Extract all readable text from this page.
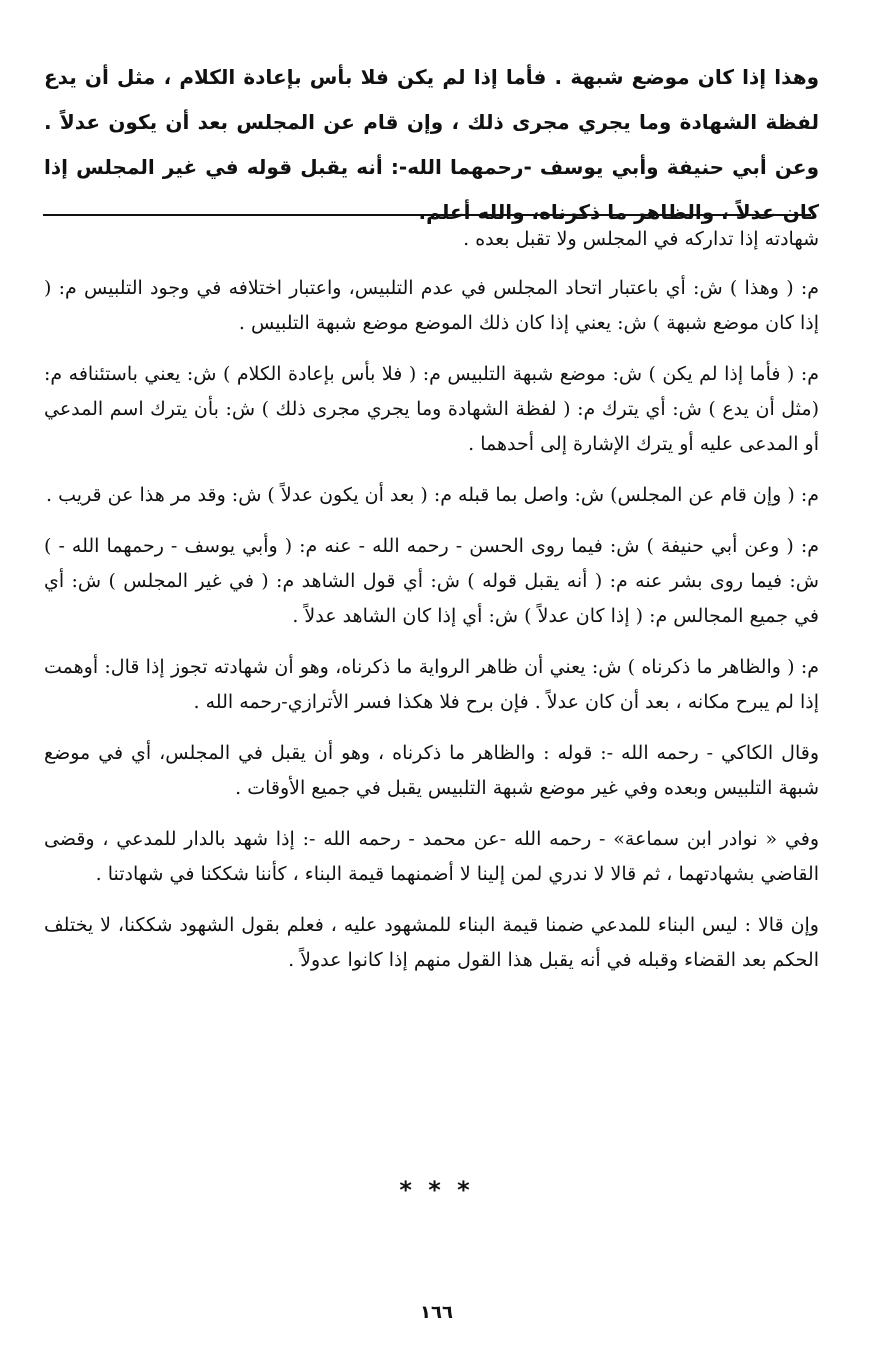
وهذا إذا كان موضع شبهة . فأما إذا لم يكن فلا بأس بإعادة الكلام ، مثل أن يدع لفظة الشهادة وما يجري مجرى ذلك ، وإن قام عن المجلس بعد أن يكون عدلاً . وعن أبي حنيفة وأبي يوسف -رحمهما الله-: أنه يقبل قوله في غير المجلس إذا كان عدلاً ، والظاهر ما ذكرناه، والله أعلم.

شهادته إذا تداركه في المجلس ولا تقبل بعده .

م: ( وهذا ) ش: أي باعتبار اتحاد المجلس في عدم التلبيس، واعتبار اختلافه في وجود التلبيس م: ( إذا كان موضع شبهة ) ش: يعني إذا كان ذلك الموضع موضع شبهة التلبيس .

م: ( فأما إذا لم يكن ) ش: موضع شبهة التلبيس م: ( فلا بأس بإعادة الكلام ) ش: يعني باستئنافه م: (مثل أن يدع ) ش: أي يترك م: ( لفظة الشهادة وما يجري مجرى ذلك ) ش: بأن يترك اسم المدعي أو المدعى عليه أو يترك الإشارة إلى أحدهما .

م: ( وإن قام عن المجلس) ش: واصل بما قبله م: ( بعد أن يكون عدلاً ) ش: وقد مر هذا عن قريب .

م: ( وعن أبي حنيفة ) ش: فيما روى الحسن - رحمه الله - عنه م: ( وأبي يوسف - رحمهما الله - ) ش: فيما روى بشر عنه م: ( أنه يقبل قوله ) ش: أي قول الشاهد م: ( في غير المجلس ) ش: أي في جميع المجالس م: ( إذا كان عدلاً ) ش: أي إذا كان الشاهد عدلاً .

م: ( والظاهر ما ذكرناه ) ش: يعني أن ظاهر الرواية ما ذكرناه، وهو أن شهادته تجوز إذا قال: أوهمت إذا لم يبرح مكانه ، بعد أن كان عدلاً . فإن برح فلا هكذا فسر الأترازي-رحمه الله .

وقال الكاكي - رحمه الله -: قوله : والظاهر ما ذكرناه ، وهو أن يقبل في المجلس، أي في موضع شبهة التلبيس وبعده وفي غير موضع شبهة التلبيس يقبل في جميع الأوقات .

وفي « نوادر ابن سماعة» - رحمه الله -عن محمد - رحمه الله -: إذا شهد بالدار للمدعي ، وقضى القاضي بشهادتهما ، ثم قالا لا ندري لمن إلينا لا أضمنهما قيمة البناء ، كأننا شككنا في شهادتنا .

وإن قالا : ليس البناء للمدعي ضمنا قيمة البناء للمشهود عليه ، فعلم بقول الشهود شككنا، لا يختلف الحكم بعد القضاء وقبله في أنه يقبل هذا القول منهم إذا كانوا عدولاً .

* * *
١٦٦
